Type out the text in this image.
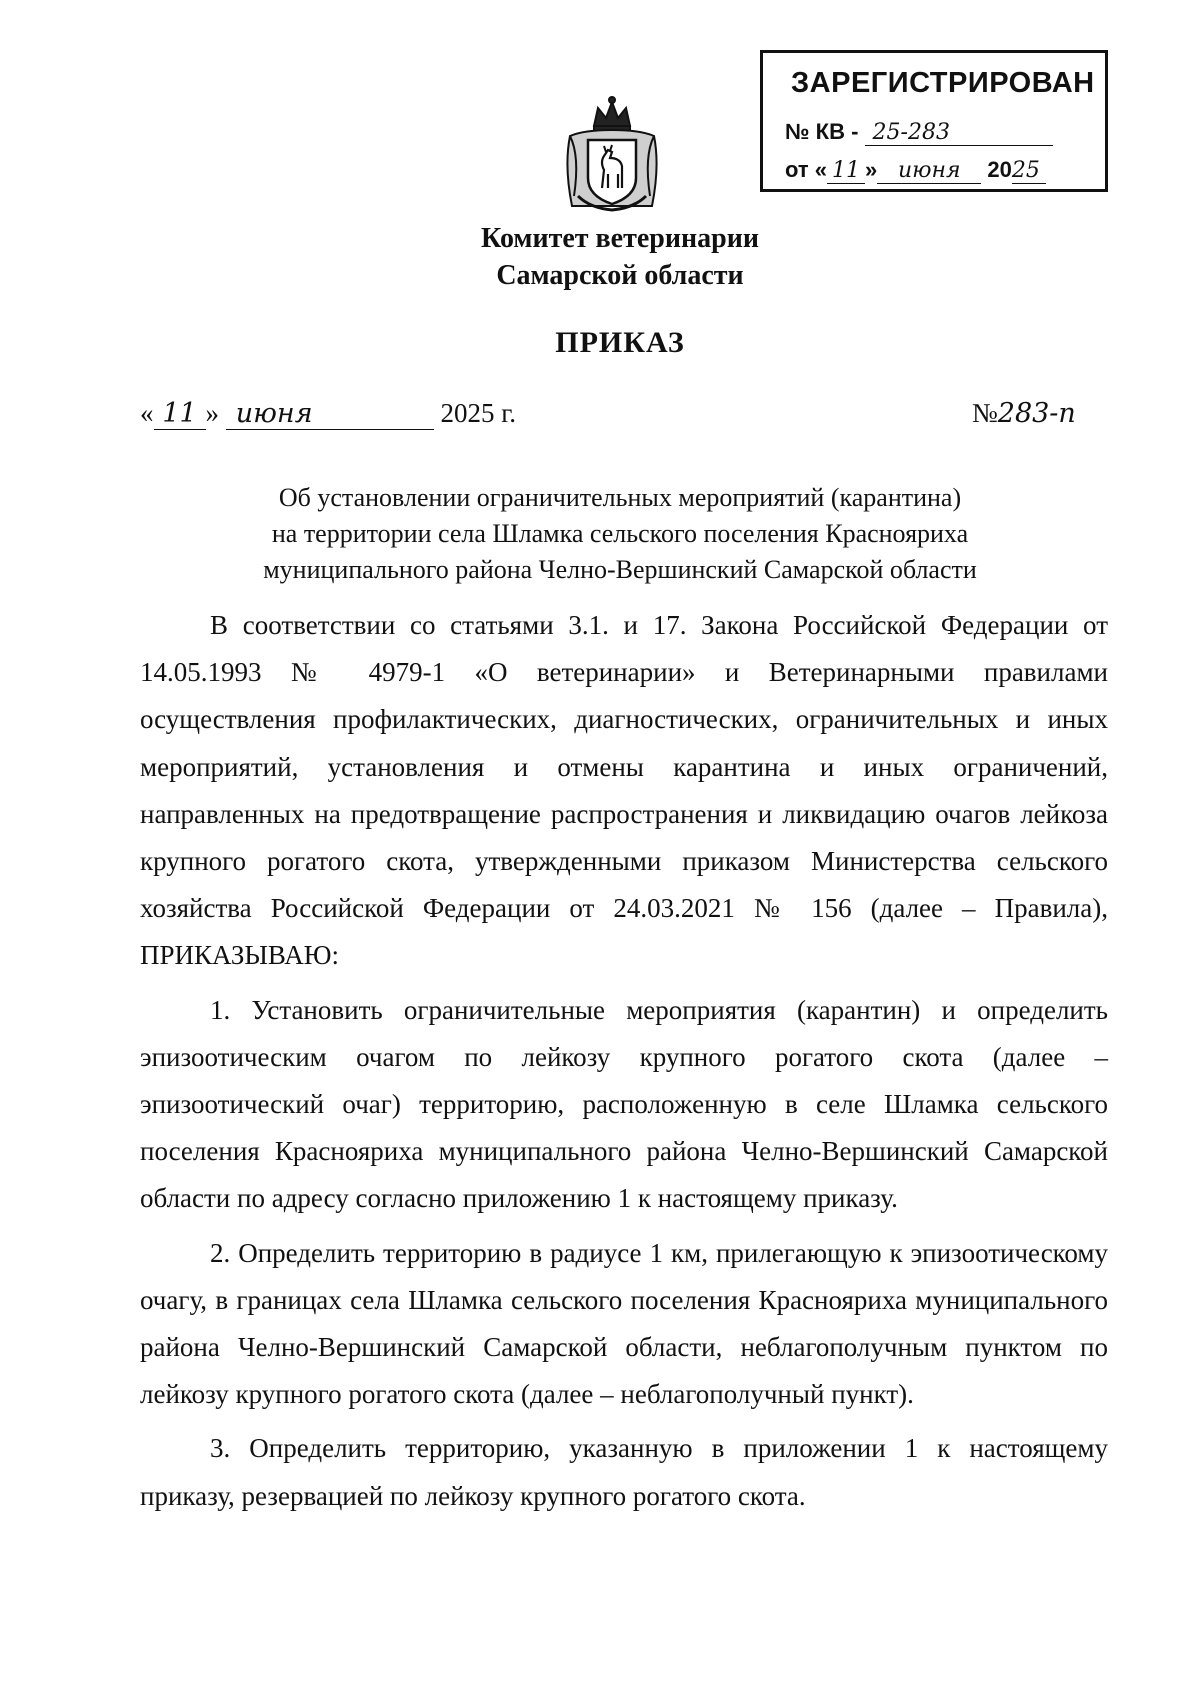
ЗАРЕГИСТРИРОВАН
№ КВ - 25-283
от « 11 » июня 2025
Комитет ветеринарии
Самарской области
ПРИКАЗ
« 11 » июня	2025 г.	№283-п
Об установлении ограничительных мероприятий (карантина)
на территории села Шламка сельского поселения Краснояриха
муниципального района Челно-Вершинский Самарской области

В соответствии со статьями 3.1. и 17. Закона Российской Федерации от 14.05.1993 № 4979-1 «О ветеринарии» и Ветеринарными правилами осуществления профилактических, диагностических, ограничительных и иных мероприятий, установления и отмены карантина и иных ограничений, направленных на предотвращение распространения и ликвидацию очагов лейкоза крупного рогатого скота, утвержденными приказом Министерства сельского хозяйства Российской Федерации от 24.03.2021 № 156 (далее – Правила), ПРИКАЗЫВАЮ:

1. Установить ограничительные мероприятия (карантин) и определить эпизоотическим очагом по лейкозу крупного рогатого скота (далее – эпизоотический очаг) территорию, расположенную в селе Шламка сельского поселения Краснояриха муниципального района Челно-Вершинский Самарской области по адресу согласно приложению 1 к настоящему приказу.

2. Определить территорию в радиусе 1 км, прилегающую к эпизоотическому очагу, в границах села Шламка сельского поселения Краснояриха муниципального района Челно-Вершинский Самарской области, неблагополучным пунктом по лейкозу крупного рогатого скота (далее – неблагополучный пункт).

3. Определить территорию, указанную в приложении 1 к настоящему приказу, резервацией по лейкозу крупного рогатого скота.
